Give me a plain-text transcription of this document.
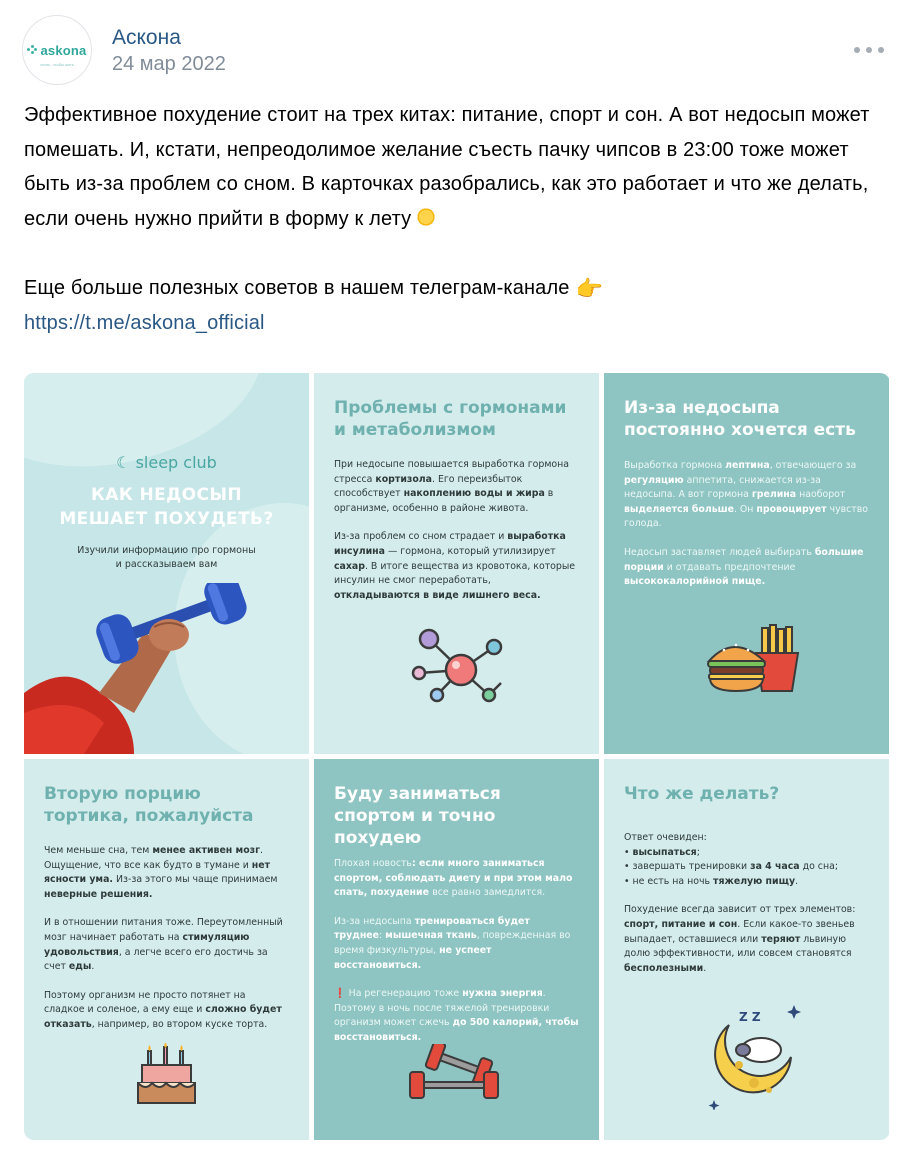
askona
спать, чтобы жить
Аскона
24 мар 2022

Эффективное похудение стоит на трех китах: питание, спорт и сон. А вот недосып может помешать. И, кстати, непреодолимое желание съесть пачку чипсов в 23:00 тоже может быть из-за проблем со сном. В карточках разобрались, как это работает и что же делать, если очень нужно прийти в форму к лету

Еще больше полезных советов в нашем телеграм-канале 👉

https://t.me/askona_official

☾ sleep club
КАК НЕДОСЫП
МЕШАЕТ ПОХУДЕТЬ?
Изучили информацию про гормоны
и рассказываем вам
Проблемы с гормонами
и метаболизмом

При недосыпе повышается выработка гормона стресса кортизола. Его переизбыток способствует накоплению воды и жира в организме, особенно в районе живота.

Из-за проблем со сном страдает и выработка инсулина — гормона, который утилизирует сахар. В итоге вещества из кровотока, которые инсулин не смог переработать, откладываются в виде лишнего веса.

Из-за недосыпа
постоянно хочется есть

Выработка гормона лептина, отвечающего за регуляцию аппетита, снижается из-за недосыпа. А вот гормона грелина наоборот выделяется больше. Он провоцирует чувство голода.

Недосып заставляет людей выбирать большие порции и отдавать предпочтение высококалорийной пище.

Вторую порцию
тортика, пожалуйста

Чем меньше сна, тем менее активен мозг. Ощущение, что все как будто в тумане и нет ясности ума. Из-за этого мы чаще принимаем неверные решения.

И в отношении питания тоже. Переутомленный мозг начинает работать на стимуляцию удовольствия, а легче всего его достичь за счет еды.

Поэтому организм не просто потянет на сладкое и соленое, а ему еще и сложно будет отказать, например, во втором куске торта.

Буду заниматься
спортом и точно
похудею

Плохая новость: если много заниматься спортом, соблюдать диету и при этом мало спать, похудение все равно замедлится.

Из-за недосыпа тренироваться будет труднее: мышечная ткань, поврежденная во время физкультуры, не успеет восстановиться.

❗ На регенерацию тоже нужна энергия. Поэтому в ночь после тяжелой тренировки организм может сжечь до 500 калорий, чтобы восстановиться.

Что же делать?

Ответ очевиден:

• высыпаться;

• завершать тренировки за 4 часа до сна;

• не есть на ночь тяжелую пищу.

Похудение всегда зависит от трех элементов: спорт, питание и сон. Если какое-то звеньев выпадает, оставшиеся или теряют львиную долю эффективности, или совсем становятся бесполезными.

Z Z
